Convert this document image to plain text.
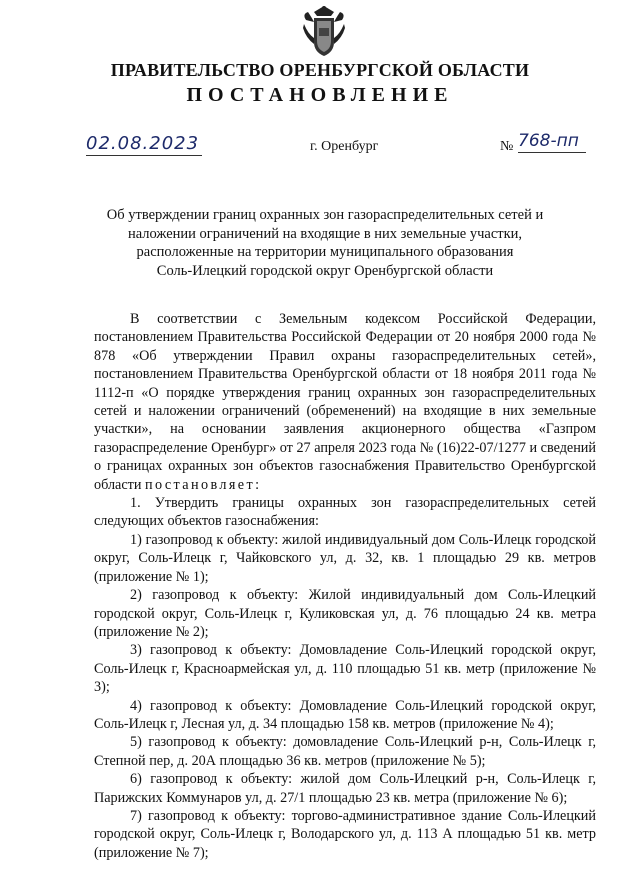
ПРАВИТЕЛЬСТВО ОРЕНБУРГСКОЙ ОБЛАСТИ
ПОСТАНОВЛЕНИЕ
02.08.2023	г. Оренбург	№ 768-пп
Об утверждении границ охранных зон газораспределительных сетей и
наложении ограничений на входящие в них земельные участки,
расположенные на территории муниципального образования
Соль-Илецкий городской округ Оренбургской области

В соответствии с Земельным кодексом Российской Федерации, постановлением Правительства Российской Федерации от 20 ноября 2000 года № 878 «Об утверждении Правил охраны газораспределительных сетей», постановлением Правительства Оренбургской области от 18 ноября 2011 года № 1112-п «О порядке утверждения границ охранных зон газораспределительных сетей и наложении ограничений (обременений) на входящие в них земельные участки», на основании заявления акционерного общества «Газпром газораспределение Оренбург» от 27 апреля 2023 года № (16)22-07/1277 и сведений о границах охранных зон объектов газоснабжения Правительство Оренбургской области постановляет:

1. Утвердить границы охранных зон газораспределительных сетей следующих объектов газоснабжения:

1) газопровод к объекту: жилой индивидуальный дом Соль-Илецк городской округ, Соль-Илецк г, Чайковского ул, д. 32, кв. 1 площадью 29 кв. метров (приложение № 1);

2) газопровод к объекту: Жилой индивидуальный дом Соль-Илецкий городской округ, Соль-Илецк г, Куликовская ул, д. 76 площадью 24 кв. метра (приложение № 2);

3) газопровод к объекту: Домовладение Соль-Илецкий городской округ, Соль-Илецк г, Красноармейская ул, д. 110 площадью 51 кв. метр (приложение № 3);

4) газопровод к объекту: Домовладение Соль-Илецкий городской округ, Соль-Илецк г, Лесная ул, д. 34 площадью 158 кв. метров (приложение № 4);

5) газопровод к объекту: домовладение Соль-Илецкий р-н, Соль-Илецк г, Степной пер, д. 20А площадью 36 кв. метров (приложение № 5);

6) газопровод к объекту: жилой дом Соль-Илецкий р-н, Соль-Илецк г, Парижских Коммунаров ул, д. 27/1 площадью 23 кв. метра (приложение № 6);

7) газопровод к объекту: торгово-административное здание Соль-Илецкий городской округ, Соль-Илецк г, Володарского ул, д. 113 А площадью 51 кв. метр (приложение № 7);
